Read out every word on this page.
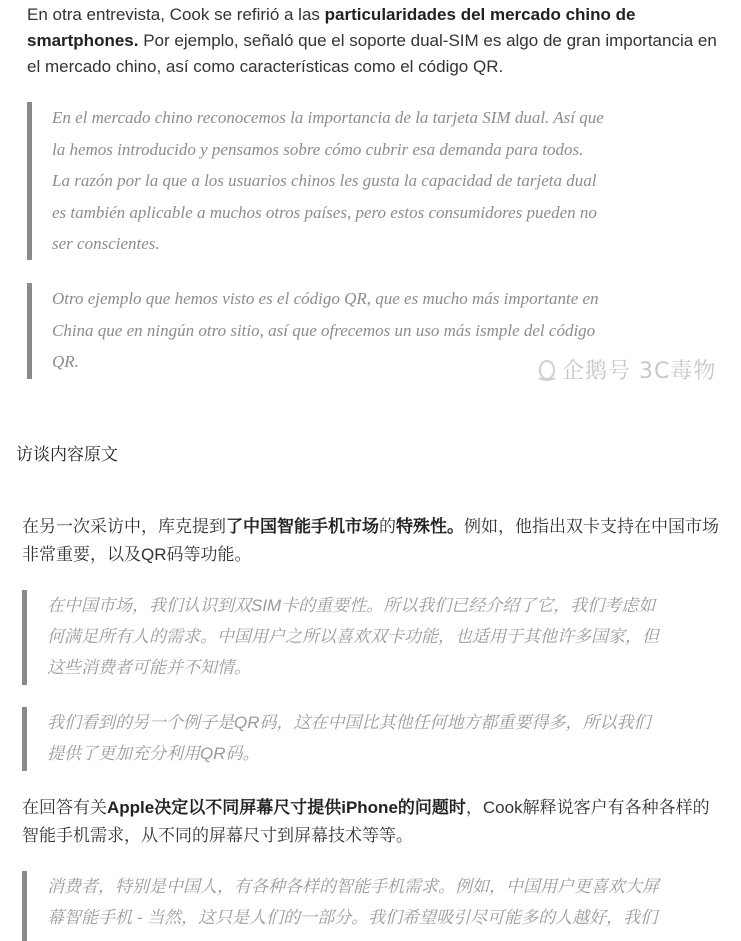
En otra entrevista, Cook se refirió a las particularidades del mercado chino de smartphones. Por ejemplo, señaló que el soporte dual-SIM es algo de gran importancia en el mercado chino, así como características como el código QR.
En el mercado chino reconocemos la importancia de la tarjeta SIM dual. Así que
la hemos introducido y pensamos sobre cómo cubrir esa demanda para todos.
La razón por la que a los usuarios chinos les gusta la capacidad de tarjeta dual
es también aplicable a muchos otros países, pero estos consumidores pueden no
ser conscientes.
Otro ejemplo que hemos visto es el código QR, que es mucho más importante en
China que en ningún otro sitio, así que ofrecemos un uso más ismple del código
QR.	企鹅号 3C毒物
访谈内容原文
在另一次采访中，库克提到了中国智能手机市场的特殊性。例如，他指出双卡支持在中国市场非常重要，以及QR码等功能。
在中国市场，我们认识到双SIM卡的重要性。所以我们已经介绍了它，我们考虑如
何满足所有人的需求。中国用户之所以喜欢双卡功能，也适用于其他许多国家，但
这些消费者可能并不知情。
我们看到的另一个例子是QR码，这在中国比其他任何地方都重要得多，所以我们
提供了更加充分利用QR码。
在回答有关Apple决定以不同屏幕尺寸提供iPhone的问题时，Cook解释说客户有各种各样的智能手机需求，从不同的屏幕尺寸到屏幕技术等等。
消费者，特别是中国人，有各种各样的智能手机需求。例如，中国用户更喜欢大屏
幕智能手机 - 当然，这只是人们的一部分。我们希望吸引尽可能多的人越好，我们
